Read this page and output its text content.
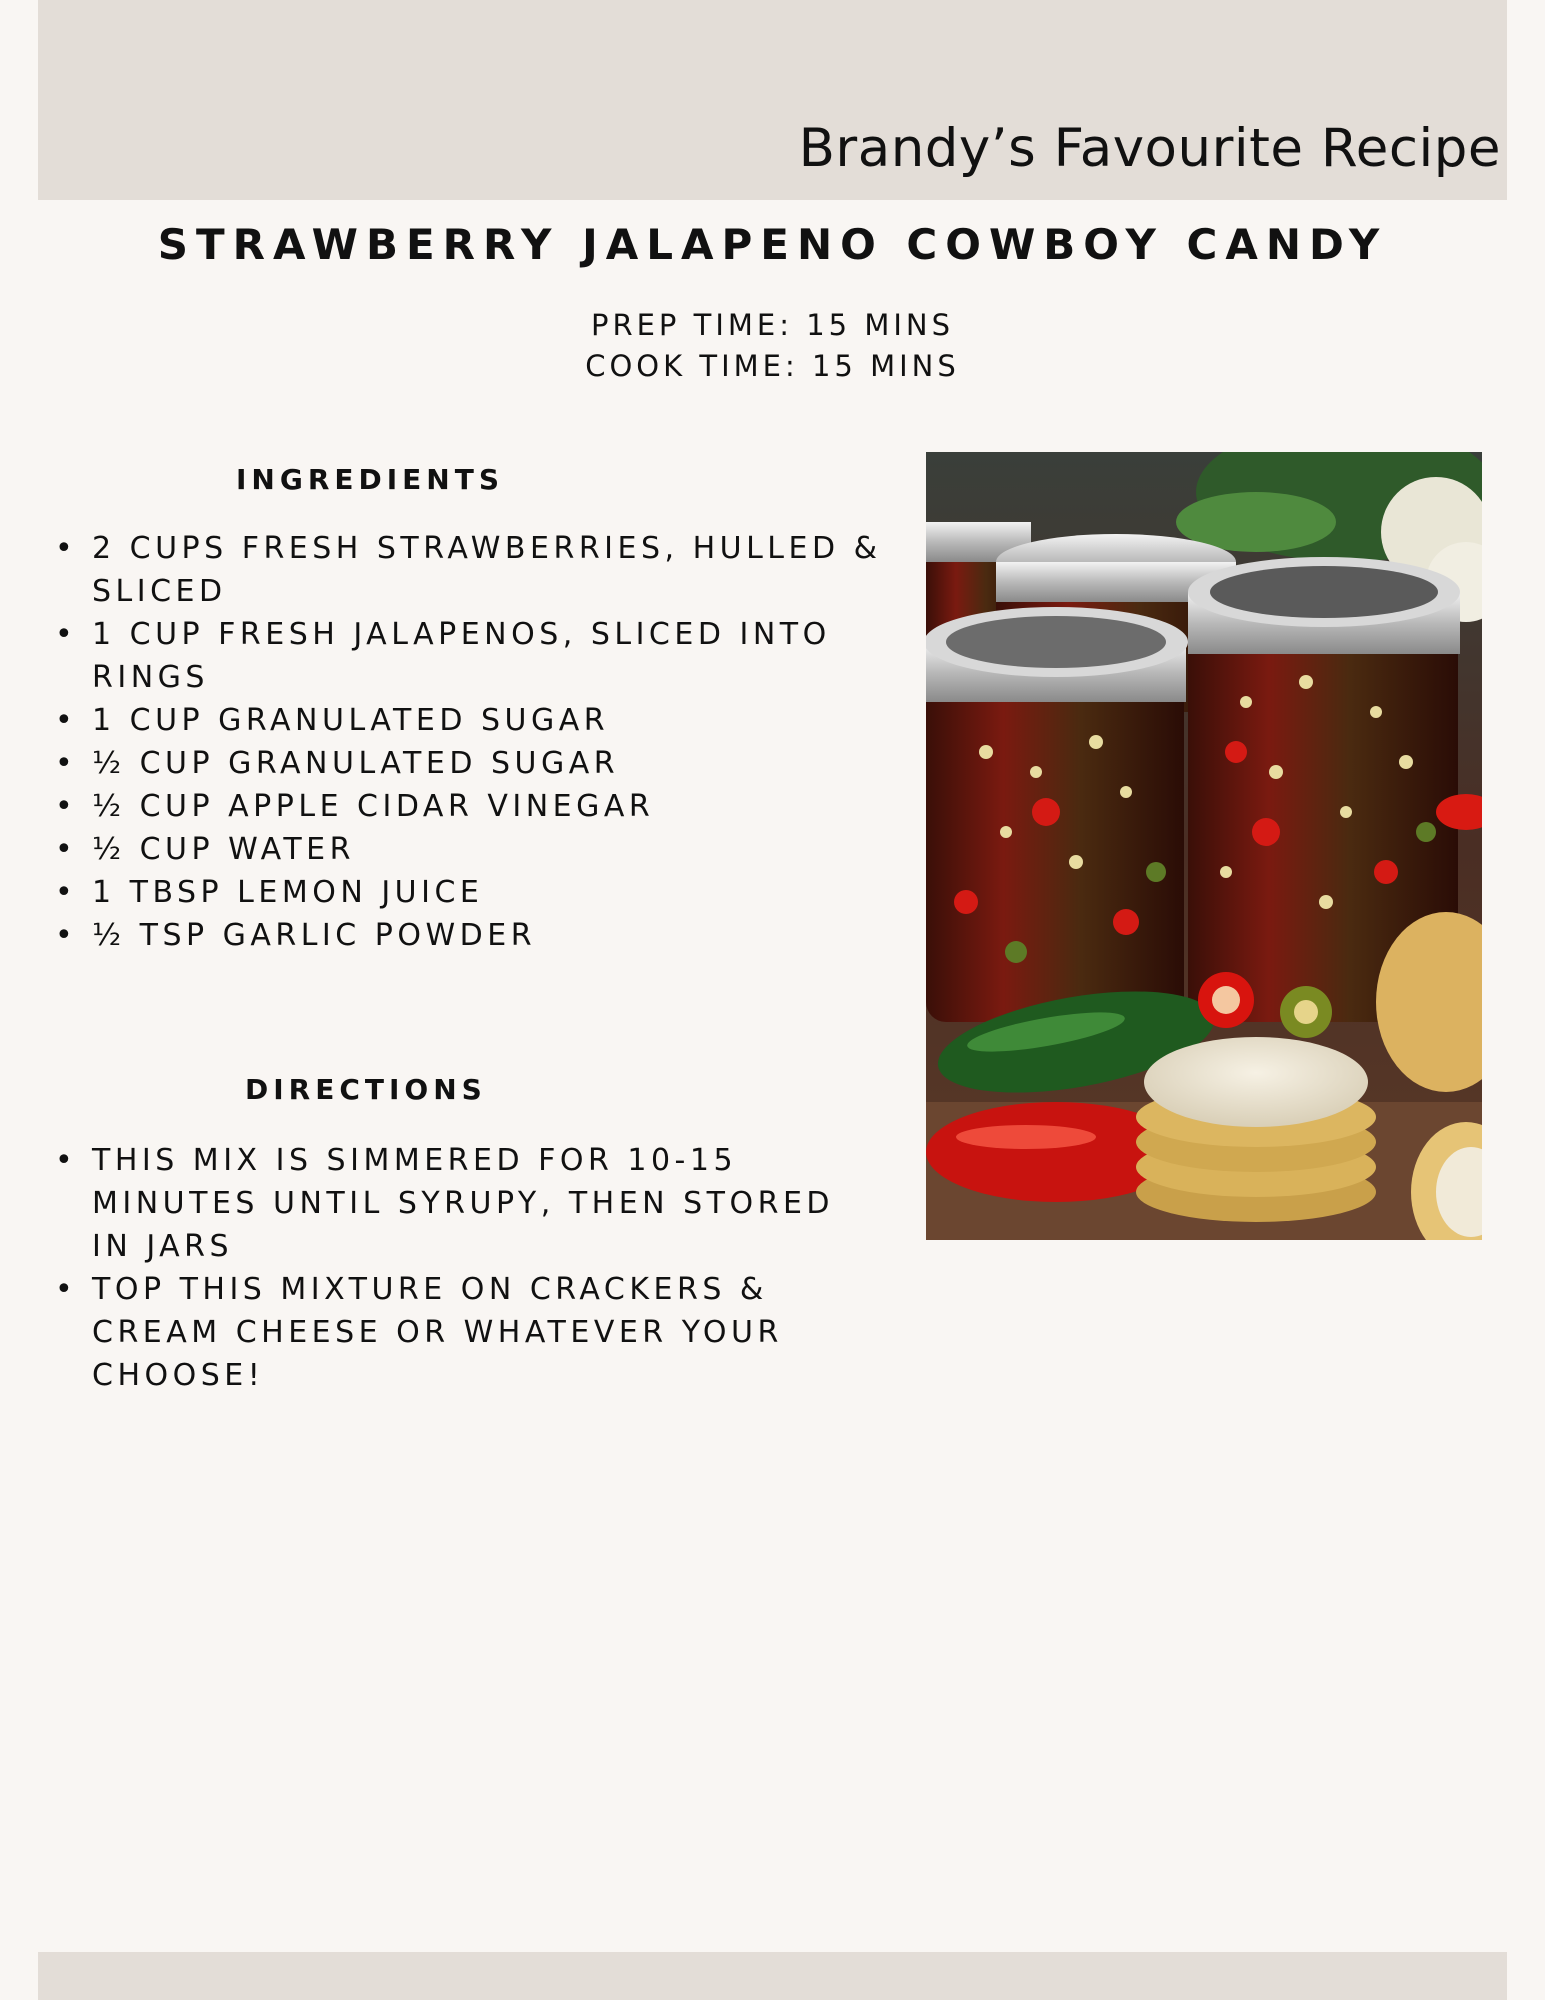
Brandy’s Favourite Recipe
STRAWBERRY JALAPENO COWBOY CANDY
PREP TIME: 15 MINS
COOK TIME: 15 MINS
INGREDIENTS
• 2 CUPS FRESH STRAWBERRIES, HULLED & SLICED
• 1 CUP FRESH JALAPENOS, SLICED INTO RINGS
• 1 CUP GRANULATED SUGAR
• ½ CUP GRANULATED SUGAR
• ½ CUP APPLE CIDAR VINEGAR
• ½ CUP WATER
• 1 TBSP LEMON JUICE
• ½ TSP GARLIC POWDER
DIRECTIONS
• THIS MIX IS SIMMERED FOR 10-15 MINUTES UNTIL SYRUPY, THEN STORED IN JARS
• TOP THIS MIXTURE ON CRACKERS & CREAM CHEESE OR WHATEVER YOUR CHOOSE!
